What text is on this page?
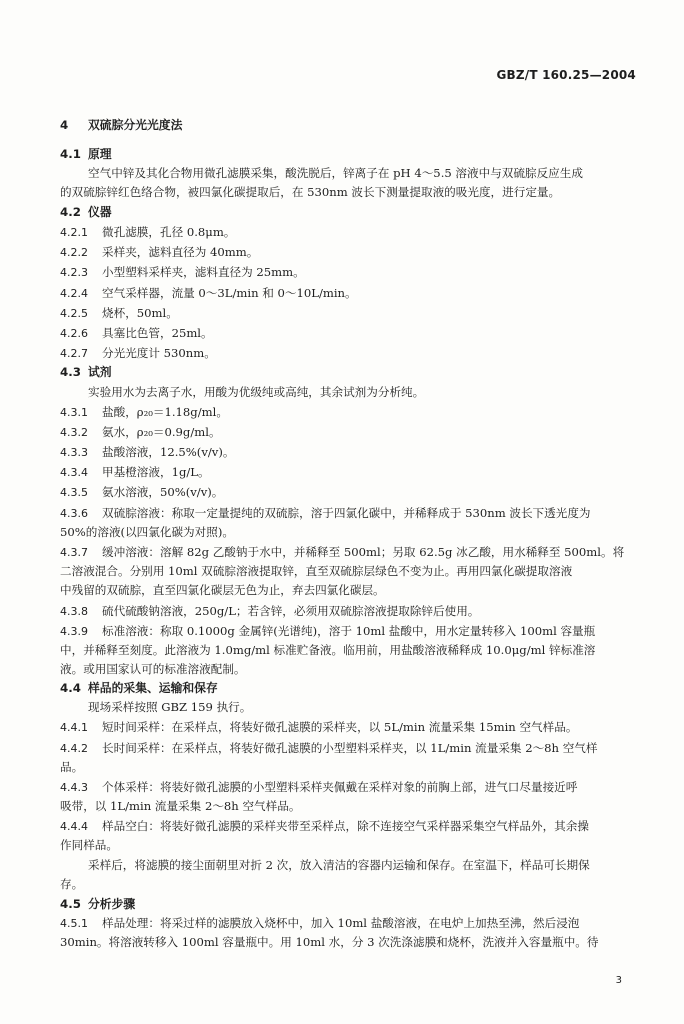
GBZ/T 160.25—2004
4 双硫腙分光光度法
4.1 原理
空气中锌及其化合物用微孔滤膜采集，酸洗脱后，锌离子在 pH 4～5.5 溶液中与双硫腙反应生成
的双硫腙锌红色络合物，被四氯化碳提取后，在 530nm 波长下测量提取液的吸光度，进行定量。
4.2 仪器
4.2.1 微孔滤膜，孔径 0.8μm。
4.2.2 采样夹，滤料直径为 40mm。
4.2.3 小型塑料采样夹，滤料直径为 25mm。
4.2.4 空气采样器，流量 0～3L/min 和 0～10L/min。
4.2.5 烧杯，50ml。
4.2.6 具塞比色管，25ml。
4.2.7 分光光度计 530nm。
4.3 试剂
实验用水为去离子水，用酸为优级纯或高纯，其余试剂为分析纯。
4.3.1 盐酸，ρ₂₀＝1.18g/ml。
4.3.2 氨水，ρ₂₀＝0.9g/ml。
4.3.3 盐酸溶液，12.5%(v/v)。
4.3.4 甲基橙溶液，1g/L。
4.3.5 氨水溶液，50%(v/v)。
4.3.6 双硫腙溶液：称取一定量提纯的双硫腙，溶于四氯化碳中，并稀释成于 530nm 波长下透光度为
50%的溶液(以四氯化碳为对照)。
4.3.7 缓冲溶液：溶解 82g 乙酸钠于水中，并稀释至 500ml；另取 62.5g 冰乙酸，用水稀释至 500ml。将
二溶液混合。分别用 10ml 双硫腙溶液提取锌，直至双硫腙层绿色不变为止。再用四氯化碳提取溶液
中残留的双硫腙，直至四氯化碳层无色为止，弃去四氯化碳层。
4.3.8 硫代硫酸钠溶液，250g/L；若含锌，必须用双硫腙溶液提取除锌后使用。
4.3.9 标准溶液：称取 0.1000g 金属锌(光谱纯)，溶于 10ml 盐酸中，用水定量转移入 100ml 容量瓶
中，并稀释至刻度。此溶液为 1.0mg/ml 标准贮备液。临用前，用盐酸溶液稀释成 10.0μg/ml 锌标准溶
液。或用国家认可的标准溶液配制。
4.4 样品的采集、运输和保存
现场采样按照 GBZ 159 执行。
4.4.1 短时间采样：在采样点，将装好微孔滤膜的采样夹，以 5L/min 流量采集 15min 空气样品。
4.4.2 长时间采样：在采样点，将装好微孔滤膜的小型塑料采样夹，以 1L/min 流量采集 2～8h 空气样
品。
4.4.3 个体采样：将装好微孔滤膜的小型塑料采样夹佩戴在采样对象的前胸上部，进气口尽量接近呼
吸带，以 1L/min 流量采集 2～8h 空气样品。
4.4.4 样品空白：将装好微孔滤膜的采样夹带至采样点，除不连接空气采样器采集空气样品外，其余操
作同样品。
采样后，将滤膜的接尘面朝里对折 2 次，放入清洁的容器内运输和保存。在室温下，样品可长期保
存。
4.5 分析步骤
4.5.1 样品处理：将采过样的滤膜放入烧杯中，加入 10ml 盐酸溶液，在电炉上加热至沸，然后浸泡
30min。将溶液转移入 100ml 容量瓶中。用 10ml 水，分 3 次洗涤滤膜和烧杯，洗液并入容量瓶中。待
3
